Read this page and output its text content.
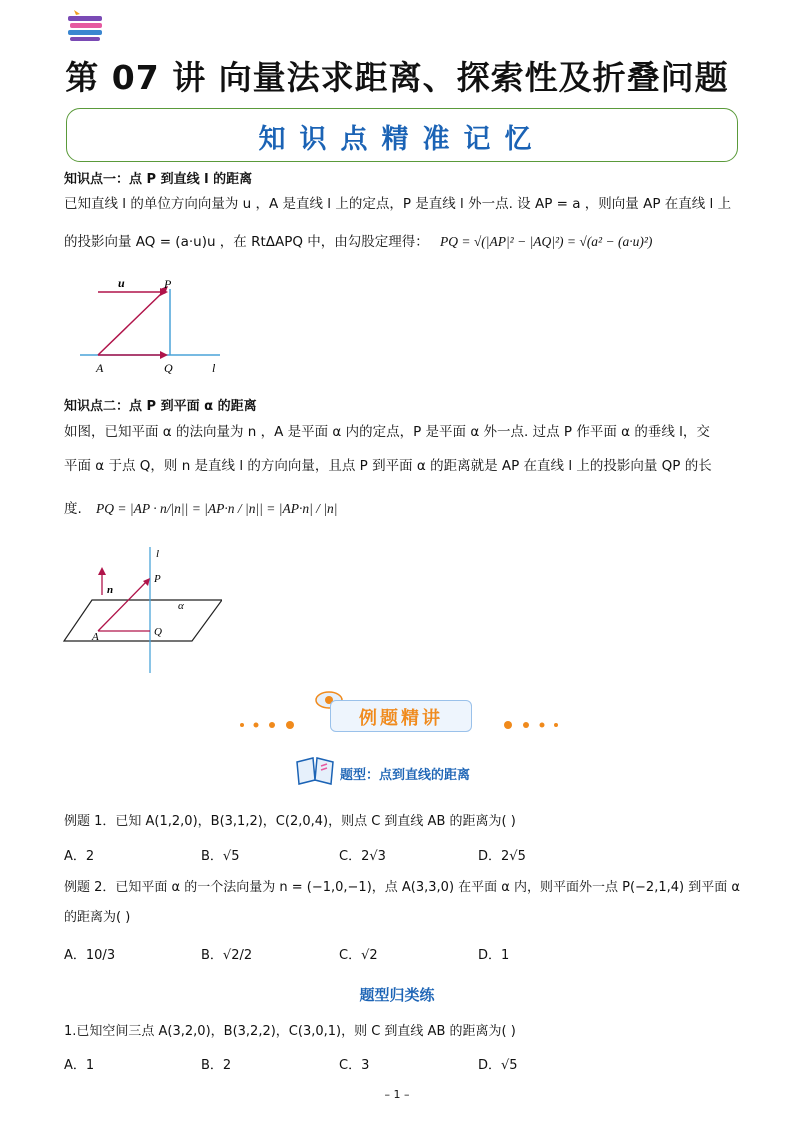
第 07 讲 向量法求距离、探索性及折叠问题
知识点精准记忆
知识点一：点 P 到直线 l 的距离
已知直线 l 的单位方向向量为 u ，A 是直线 l 上的定点，P 是直线 l 外一点. 设 AP = a ，则向量 AP 在直线 l 上
的投影向量 AQ = (a·u)u ，在 RtΔAPQ 中，由勾股定理得： PQ = √(|AP|² − |AQ|²) = √(a² − (a·u)²)
u	P
A	Q	l
知识点二：点 P 到平面 α 的距离
如图，已知平面 α 的法向量为 n ，A 是平面 α 内的定点，P 是平面 α 外一点. 过点 P 作平面 α 的垂线 l，交
平面 α 于点 Q，则 n 是直线 l 的方向向量，且点 P 到平面 α 的距离就是 AP 在直线 l 上的投影向量 QP 的长
度. PQ = |AP · n/|n|| = |AP·n / |n|| = |AP·n| / |n|
l
n
P
α
A	Q
例题精讲
题型：点到直线的距离
例题 1．已知 A(1,2,0)，B(3,1,2)，C(2,0,4)，则点 C 到直线 AB 的距离为( )
A．2	B．√5	C．2√3	D．2√5
例题 2．已知平面 α 的一个法向量为 n = (−1,0,−1)，点 A(3,3,0) 在平面 α 内，则平面外一点 P(−2,1,4) 到平面 α
的距离为( )
A．10/3	B．√2/2	C．√2	D．1
题型归类练
1.已知空间三点 A(3,2,0)，B(3,2,2)，C(3,0,1)，则 C 到直线 AB 的距离为( )
A．1	B．2	C．3	D．√5
– 1 –
